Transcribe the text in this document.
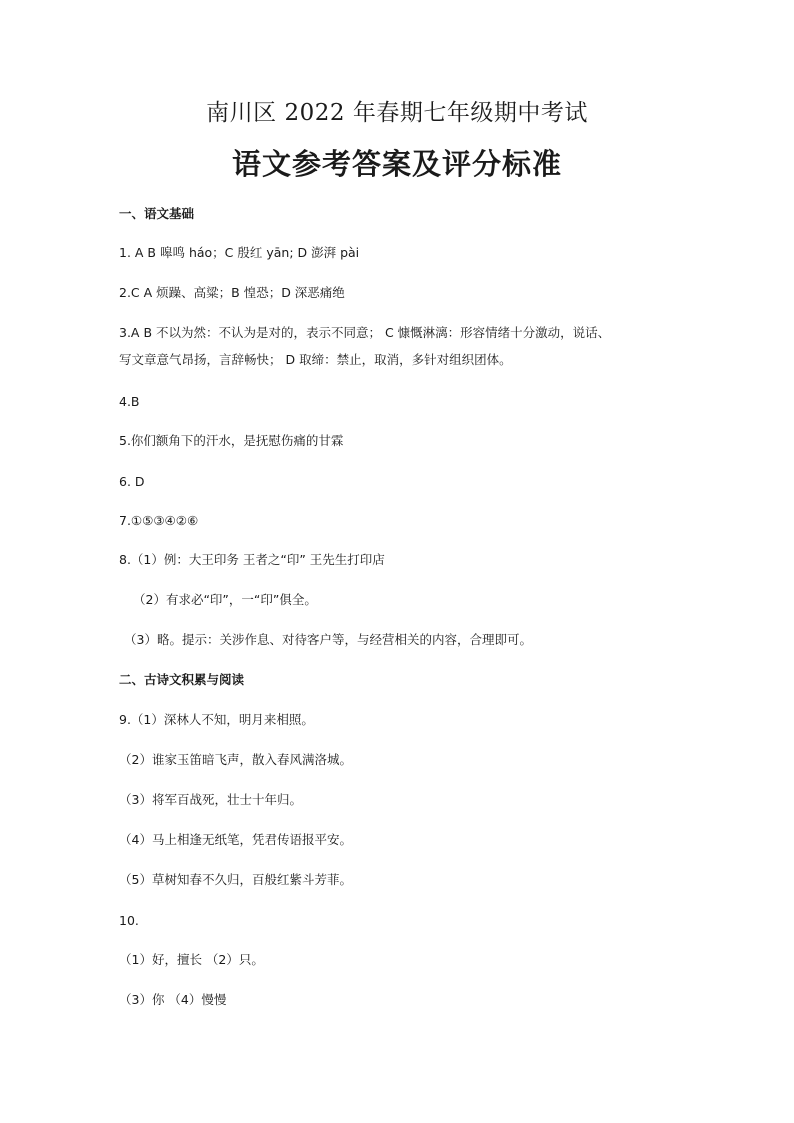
南川区 2022 年春期七年级期中考试
语文参考答案及评分标准
一、语文基础
1. A B 嗥鸣 háo；C 殷红 yān; D 澎湃 pài
2.C A 烦躁、高粱；B 惶恐；D 深恶痛绝
3.A B 不以为然：不认为是对的，表示不同意； C 慷慨淋漓：形容情绪十分激动，说话、
写文章意气昂扬，言辞畅快； D 取缔：禁止，取消，多针对组织团体。
4.B
5.你们额角下的汗水，是抚慰伤痛的甘霖
6. D
7.①⑤③④②⑥
8.（1）例：大王印务 王者之“印” 王先生打印店
（2）有求必“印”，一“印”俱全。
（3）略。提示：关涉作息、对待客户等，与经营相关的内容，合理即可。
二、古诗文积累与阅读
9.（1）深林人不知，明月来相照。
（2）谁家玉笛暗飞声，散入春风满洛城。
（3）将军百战死，壮士十年归。
（4）马上相逢无纸笔，凭君传语报平安。
（5）草树知春不久归，百般红紫斗芳菲。
10.
（1）好，擅长 （2）只。
（3）你 （4）慢慢
